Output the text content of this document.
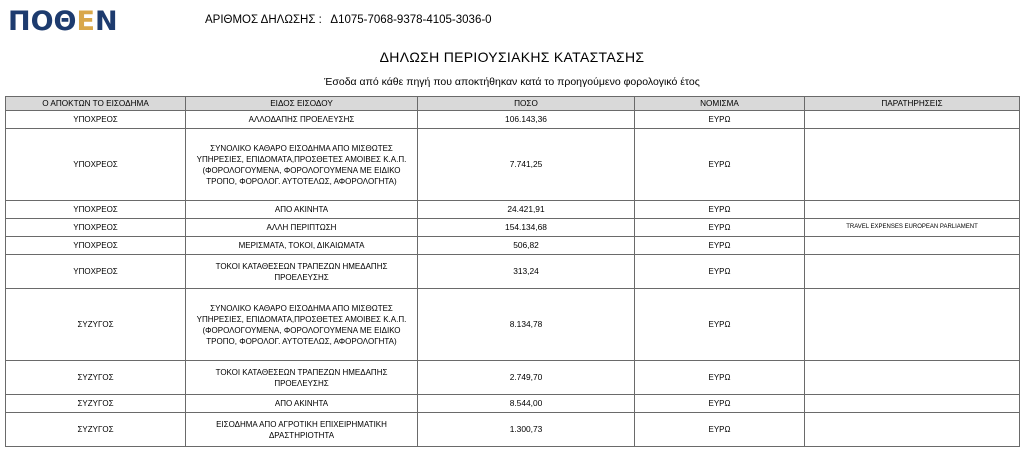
ΠΟΘΕΝ	ΑΡΙΘΜΟΣ ΔΗΛΩΣΗΣ : Δ1075-7068-9378-4105-3036-0
ΔΗΛΩΣΗ ΠΕΡΙΟΥΣΙΑΚΗΣ ΚΑΤΑΣΤΑΣΗΣ
Έσοδα από κάθε πηγή που αποκτήθηκαν κατά το προηγούμενο φορολογικό έτος
Ο ΑΠΟΚΤΩΝ ΤΟ ΕΙΣΟΔΗΜΑ	ΕΙΔΟΣ ΕΙΣΟΔΟΥ	ΠΟΣΟ	ΝΟΜΙΣΜΑ	ΠΑΡΑΤΗΡΗΣΕΙΣ
ΥΠΟΧΡΕΟΣ	ΑΛΛΟΔΑΠΗΣ ΠΡΟΕΛΕΥΣΗΣ	106.143,36	ΕΥΡΩ	
ΥΠΟΧΡΕΟΣ	ΣΥΝΟΛΙΚΟ ΚΑΘΑΡΟ ΕΙΣΟΔΗΜΑ ΑΠΟ ΜΙΣΘΩΤΕΣ ΥΠΗΡΕΣΙΕΣ, ΕΠΙΔΟΜΑΤΑ,ΠΡΟΣΘΕΤΕΣ ΑΜΟΙΒΕΣ Κ.Α.Π.(ΦΟΡΟΛΟΓΟΥΜΕΝΑ, ΦΟΡΟΛΟΓΟΥΜΕΝΑ ΜΕ ΕΙΔΙΚΟ ΤΡΟΠΟ, ΦΟΡΟΛΟΓ. ΑΥΤΟΤΕΛΩΣ, ΑΦΟΡΟΛΟΓΗΤΑ)	7.741,25	ΕΥΡΩ	
ΥΠΟΧΡΕΟΣ	ΑΠΟ ΑΚΙΝΗΤΑ	24.421,91	ΕΥΡΩ	
ΥΠΟΧΡΕΟΣ	ΑΛΛΗ ΠΕΡΙΠΤΩΣΗ	154.134,68	ΕΥΡΩ	TRAVEL EXPENSES EUROPEAN PARLIAMENT
ΥΠΟΧΡΕΟΣ	ΜΕΡΙΣΜΑΤΑ, ΤΟΚΟΙ, ΔΙΚΑΙΩΜΑΤΑ	506,82	ΕΥΡΩ	
ΥΠΟΧΡΕΟΣ	ΤΟΚΟΙ ΚΑΤΑΘΕΣΕΩΝ ΤΡΑΠΕΖΩΝ ΗΜΕΔΑΠΗΣ ΠΡΟΕΛΕΥΣΗΣ	313,24	ΕΥΡΩ	
ΣΥΖΥΓΟΣ	ΣΥΝΟΛΙΚΟ ΚΑΘΑΡΟ ΕΙΣΟΔΗΜΑ ΑΠΟ ΜΙΣΘΩΤΕΣ ΥΠΗΡΕΣΙΕΣ, ΕΠΙΔΟΜΑΤΑ,ΠΡΟΣΘΕΤΕΣ ΑΜΟΙΒΕΣ Κ.Α.Π.(ΦΟΡΟΛΟΓΟΥΜΕΝΑ, ΦΟΡΟΛΟΓΟΥΜΕΝΑ ΜΕ ΕΙΔΙΚΟ ΤΡΟΠΟ, ΦΟΡΟΛΟΓ. ΑΥΤΟΤΕΛΩΣ, ΑΦΟΡΟΛΟΓΗΤΑ)	8.134,78	ΕΥΡΩ	
ΣΥΖΥΓΟΣ	ΤΟΚΟΙ ΚΑΤΑΘΕΣΕΩΝ ΤΡΑΠΕΖΩΝ ΗΜΕΔΑΠΗΣ ΠΡΟΕΛΕΥΣΗΣ	2.749,70	ΕΥΡΩ	
ΣΥΖΥΓΟΣ	ΑΠΟ ΑΚΙΝΗΤΑ	8.544,00	ΕΥΡΩ	
ΣΥΖΥΓΟΣ	ΕΙΣΟΔΗΜΑ ΑΠΟ ΑΓΡΟΤΙΚΗ ΕΠΙΧΕΙΡΗΜΑΤΙΚΗ ΔΡΑΣΤΗΡΙΟΤΗΤΑ	1.300,73	ΕΥΡΩ	
